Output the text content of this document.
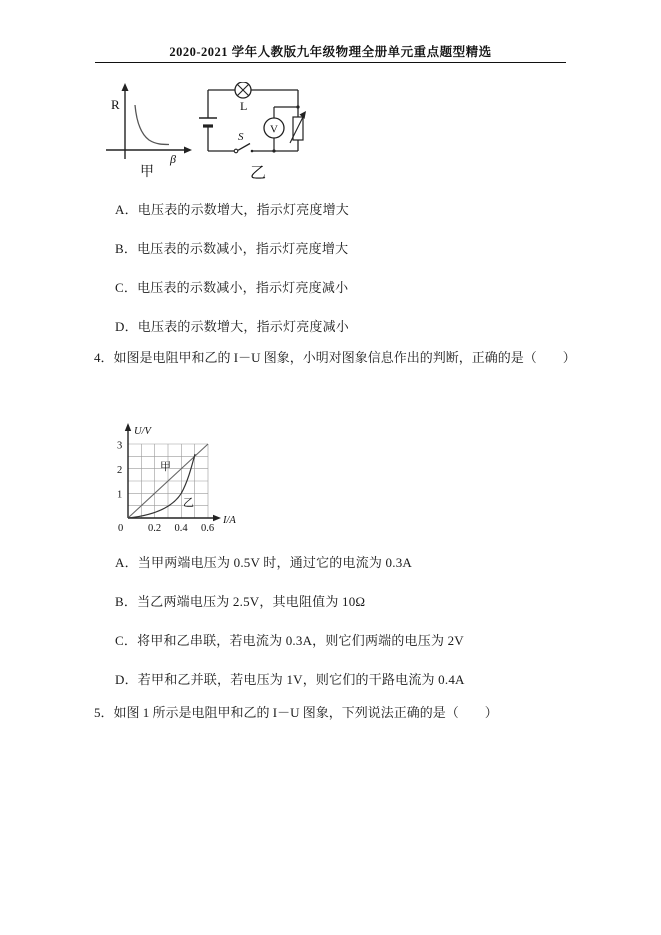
2020-2021 学年人教版九年级物理全册单元重点题型精选
R
β
甲
L
S
V
乙
A．电压表的示数增大，指示灯亮度增大
B．电压表的示数减小，指示灯亮度增大
C．电压表的示数减小，指示灯亮度减小
D．电压表的示数增大，指示灯亮度减小
4．如图是电阻甲和乙的 I－U 图象，小明对图象信息作出的判断，正确的是（　　）
U/V
I/A
0 0.2 0.4 0.6
1
2
3
甲
乙
A．当甲两端电压为 0.5V 时，通过它的电流为 0.3A
B．当乙两端电压为 2.5V，其电阻值为 10Ω
C．将甲和乙串联，若电流为 0.3A，则它们两端的电压为 2V
D．若甲和乙并联，若电压为 1V，则它们的干路电流为 0.4A
5．如图 1 所示是电阻甲和乙的 I－U 图象，下列说法正确的是（　　）
